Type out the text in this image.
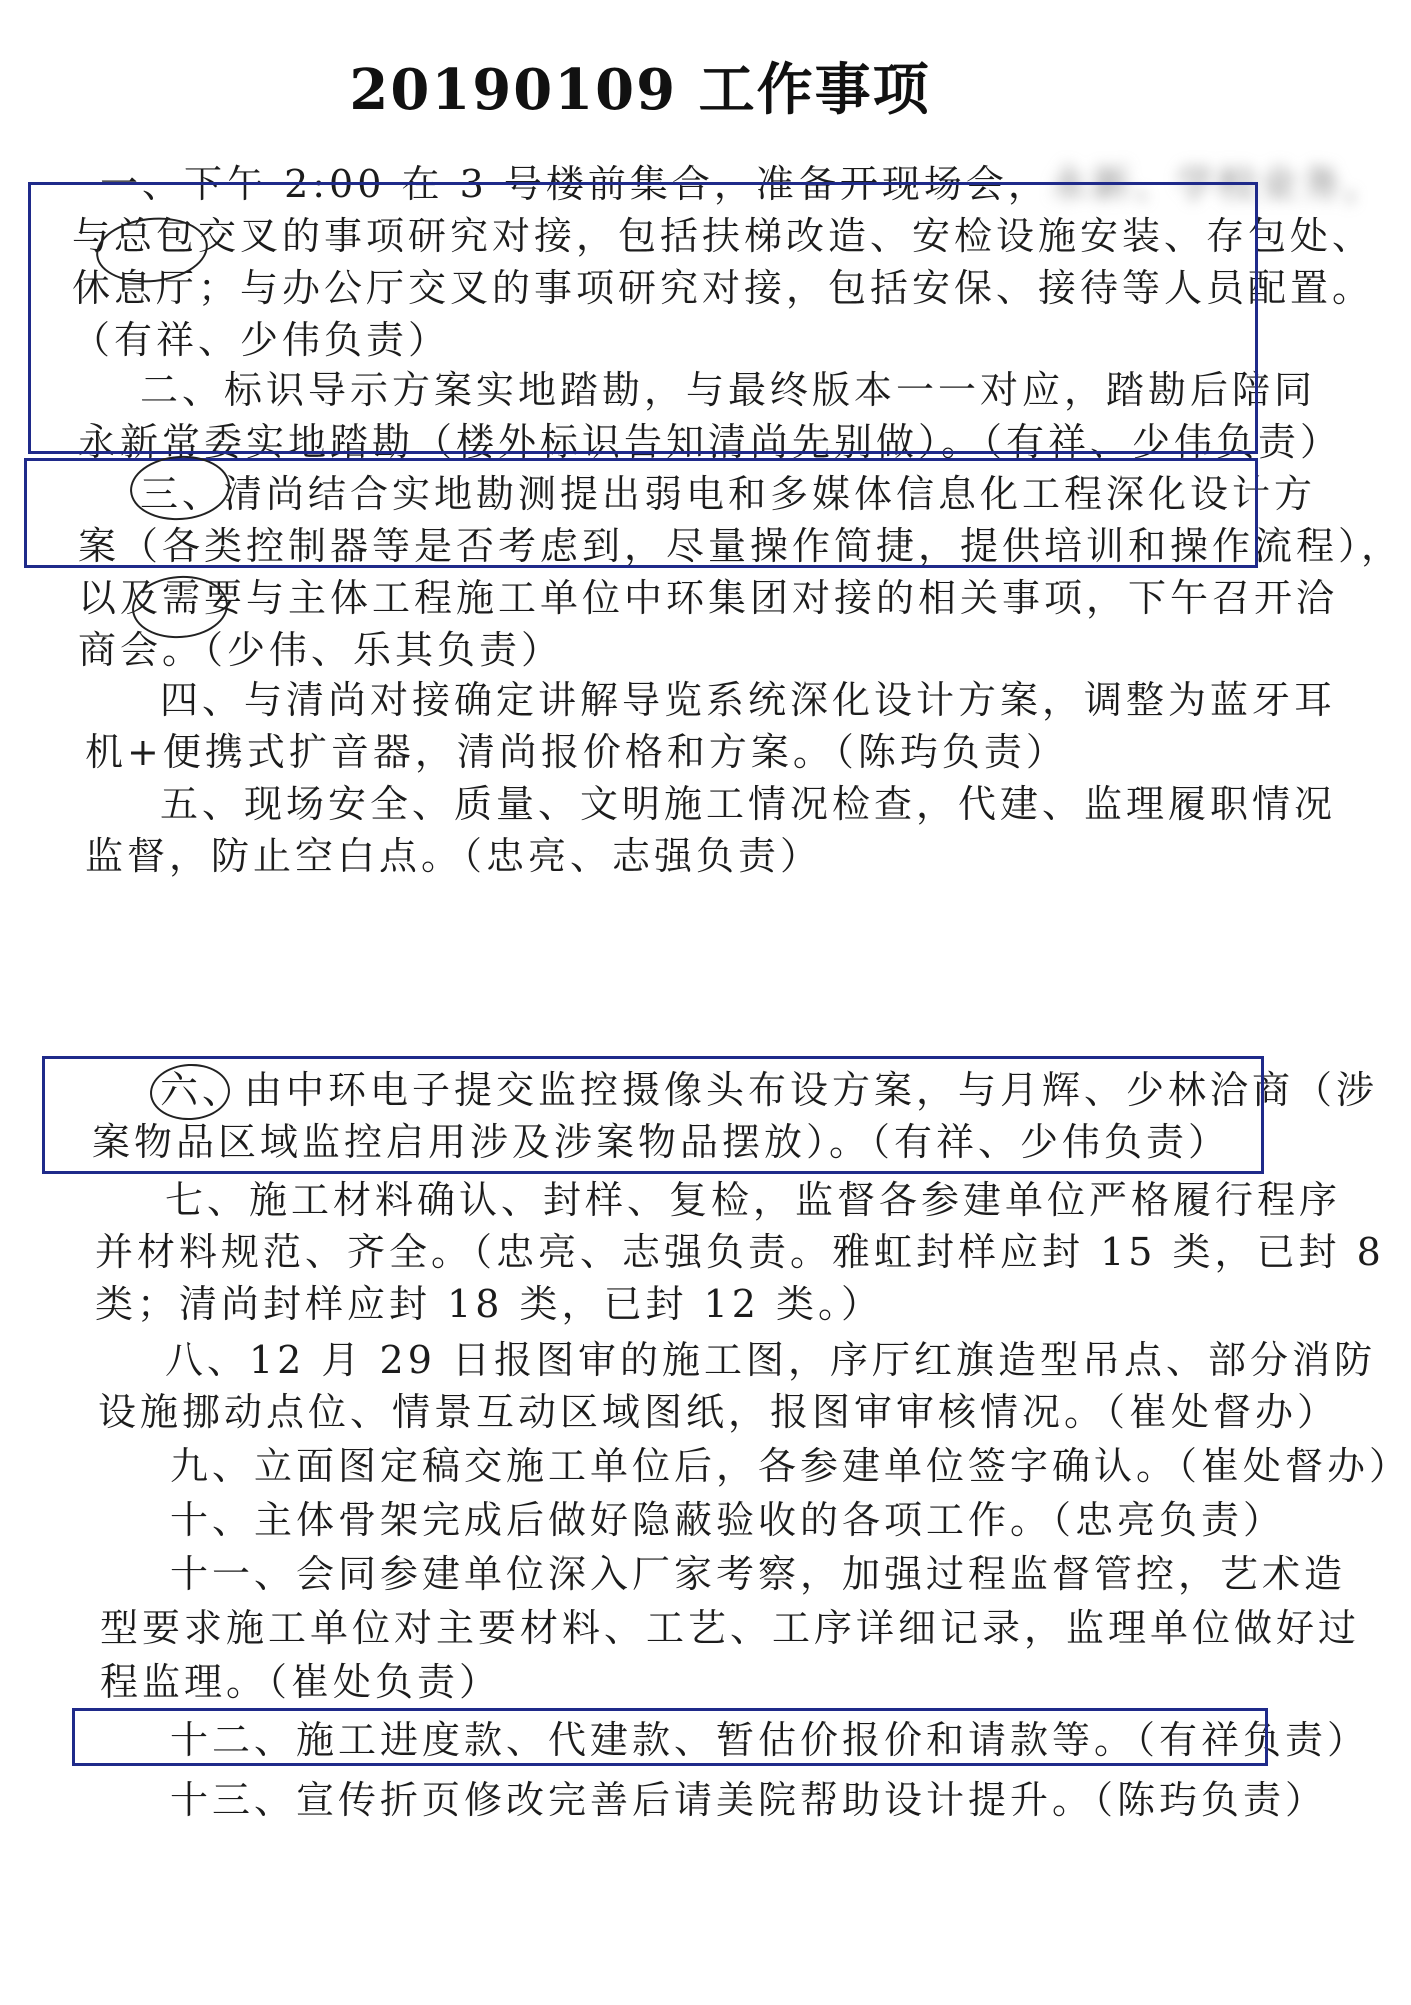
20190109 工作事项
一、下午 2:00 在 3 号楼前集合，准备开现场会，永新、学校业务，
与总包交叉的事项研究对接，包括扶梯改造、安检设施安装、存包处、
休息厅；与办公厅交叉的事项研究对接，包括安保、接待等人员配置。
（有祥、少伟负责）
二、标识导示方案实地踏勘，与最终版本一一对应，踏勘后陪同
永新常委实地踏勘（楼外标识告知清尚先别做）。（有祥、少伟负责）
三、清尚结合实地勘测提出弱电和多媒体信息化工程深化设计方
案（各类控制器等是否考虑到，尽量操作简捷，提供培训和操作流程），
以及需要与主体工程施工单位中环集团对接的相关事项，下午召开洽
商会。（少伟、乐其负责）
四、与清尚对接确定讲解导览系统深化设计方案，调整为蓝牙耳
机+便携式扩音器，清尚报价格和方案。（陈玙负责）
五、现场安全、质量、文明施工情况检查，代建、监理履职情况
监督，防止空白点。（忠亮、志强负责）
六、由中环电子提交监控摄像头布设方案，与月辉、少林洽商（涉
案物品区域监控启用涉及涉案物品摆放）。（有祥、少伟负责）
七、施工材料确认、封样、复检，监督各参建单位严格履行程序
并材料规范、齐全。（忠亮、志强负责。雅虹封样应封 15 类，已封 8
类；清尚封样应封 18 类，已封 12 类。）
八、12 月 29 日报图审的施工图，序厅红旗造型吊点、部分消防
设施挪动点位、情景互动区域图纸，报图审审核情况。（崔处督办）
九、立面图定稿交施工单位后，各参建单位签字确认。（崔处督办）
十、主体骨架完成后做好隐蔽验收的各项工作。（忠亮负责）
十一、会同参建单位深入厂家考察，加强过程监督管控，艺术造
型要求施工单位对主要材料、工艺、工序详细记录，监理单位做好过
程监理。（崔处负责）
十二、施工进度款、代建款、暂估价报价和请款等。（有祥负责）
十三、宣传折页修改完善后请美院帮助设计提升。（陈玙负责）
